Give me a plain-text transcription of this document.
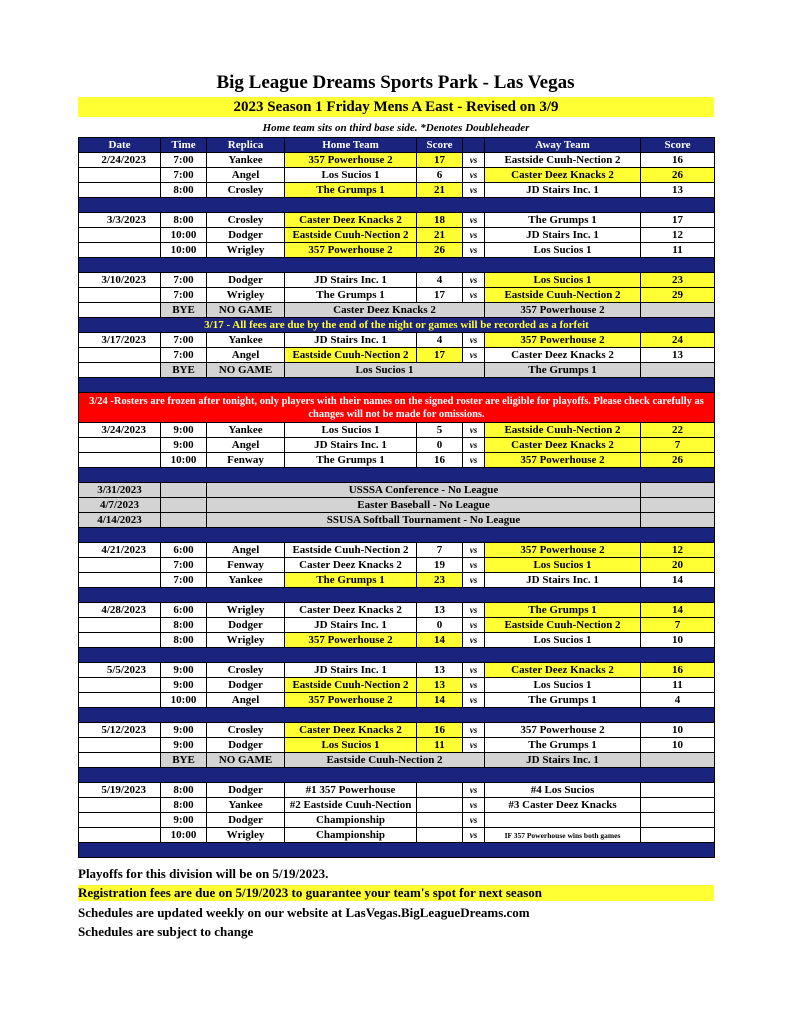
Big League Dreams Sports Park - Las Vegas
2023 Season 1 Friday Mens A East - Revised on 3/9
Home team sits on third base side. *Denotes Doubleheader
Date	Time	Replica	Home Team	Score		Away Team	Score
2/24/2023	7:00	Yankee	357 Powerhouse 2	17	vs	Eastside Cuuh-Nection 2	16
	7:00	Angel	Los Sucios 1	6	vs	Caster Deez Knacks 2	26
	8:00	Crosley	The Grumps 1	21	vs	JD Stairs Inc. 1	13

3/3/2023	8:00	Crosley	Caster Deez Knacks 2	18	vs	The Grumps 1	17
	10:00	Dodger	Eastside Cuuh-Nection 2	21	vs	JD Stairs Inc. 1	12
	10:00	Wrigley	357 Powerhouse 2	26	vs	Los Sucios 1	11

3/10/2023	7:00	Dodger	JD Stairs Inc. 1	4	vs	Los Sucios 1	23
	7:00	Wrigley	The Grumps 1	17	vs	Eastside Cuuh-Nection 2	29
	BYE	NO GAME	Caster Deez Knacks 2			357 Powerhouse 2	
3/17 - All fees are due by the end of the night or games will be recorded as a forfeit							
3/17/2023	7:00	Yankee	JD Stairs Inc. 1	4	vs	357 Powerhouse 2	24
	7:00	Angel	Eastside Cuuh-Nection 2	17	vs	Caster Deez Knacks 2	13
	BYE	NO GAME	Los Sucios 1			The Grumps 1	

3/24 -Rosters are frozen after tonight, only players with their names on the signed roster are eligible for playoffs. Please check carefully as changes will not be made for omissions.							
3/24/2023	9:00	Yankee	Los Sucios 1	5	vs	Eastside Cuuh-Nection 2	22
	9:00	Angel	JD Stairs Inc. 1	0	vs	Caster Deez Knacks 2	7
	10:00	Fenway	The Grumps 1	16	vs	357 Powerhouse 2	26

3/31/2023		USSSA Conference - No League					
4/7/2023		Easter Baseball - No League					
4/14/2023		SSUSA Softball Tournament - No League					

4/21/2023	6:00	Angel	Eastside Cuuh-Nection 2	7	vs	357 Powerhouse 2	12
	7:00	Fenway	Caster Deez Knacks 2	19	vs	Los Sucios 1	20
	7:00	Yankee	The Grumps 1	23	vs	JD Stairs Inc. 1	14

4/28/2023	6:00	Wrigley	Caster Deez Knacks 2	13	vs	The Grumps 1	14
	8:00	Dodger	JD Stairs Inc. 1	0	vs	Eastside Cuuh-Nection 2	7
	8:00	Wrigley	357 Powerhouse 2	14	vs	Los Sucios 1	10

5/5/2023	9:00	Crosley	JD Stairs Inc. 1	13	vs	Caster Deez Knacks 2	16
	9:00	Dodger	Eastside Cuuh-Nection 2	13	vs	Los Sucios 1	11
	10:00	Angel	357 Powerhouse 2	14	vs	The Grumps 1	4

5/12/2023	9:00	Crosley	Caster Deez Knacks 2	16	vs	357 Powerhouse 2	10
	9:00	Dodger	Los Sucios 1	11	vs	The Grumps 1	10
	BYE	NO GAME	Eastside Cuuh-Nection 2			JD Stairs Inc. 1	

5/19/2023	8:00	Dodger	#1 357 Powerhouse		vs	#4 Los Sucios	
	8:00	Yankee	#2 Eastside Cuuh-Nection		vs	#3 Caster Deez Knacks	
	9:00	Dodger	Championship		vs		
	10:00	Wrigley	Championship		vs	IF 357 Powerhouse wins both games	

Playoffs for this division will be on 5/19/2023.
Registration fees are due on 5/19/2023 to guarantee your team's spot for next season
Schedules are updated weekly on our website at LasVegas.BigLeagueDreams.com
Schedules are subject to change
